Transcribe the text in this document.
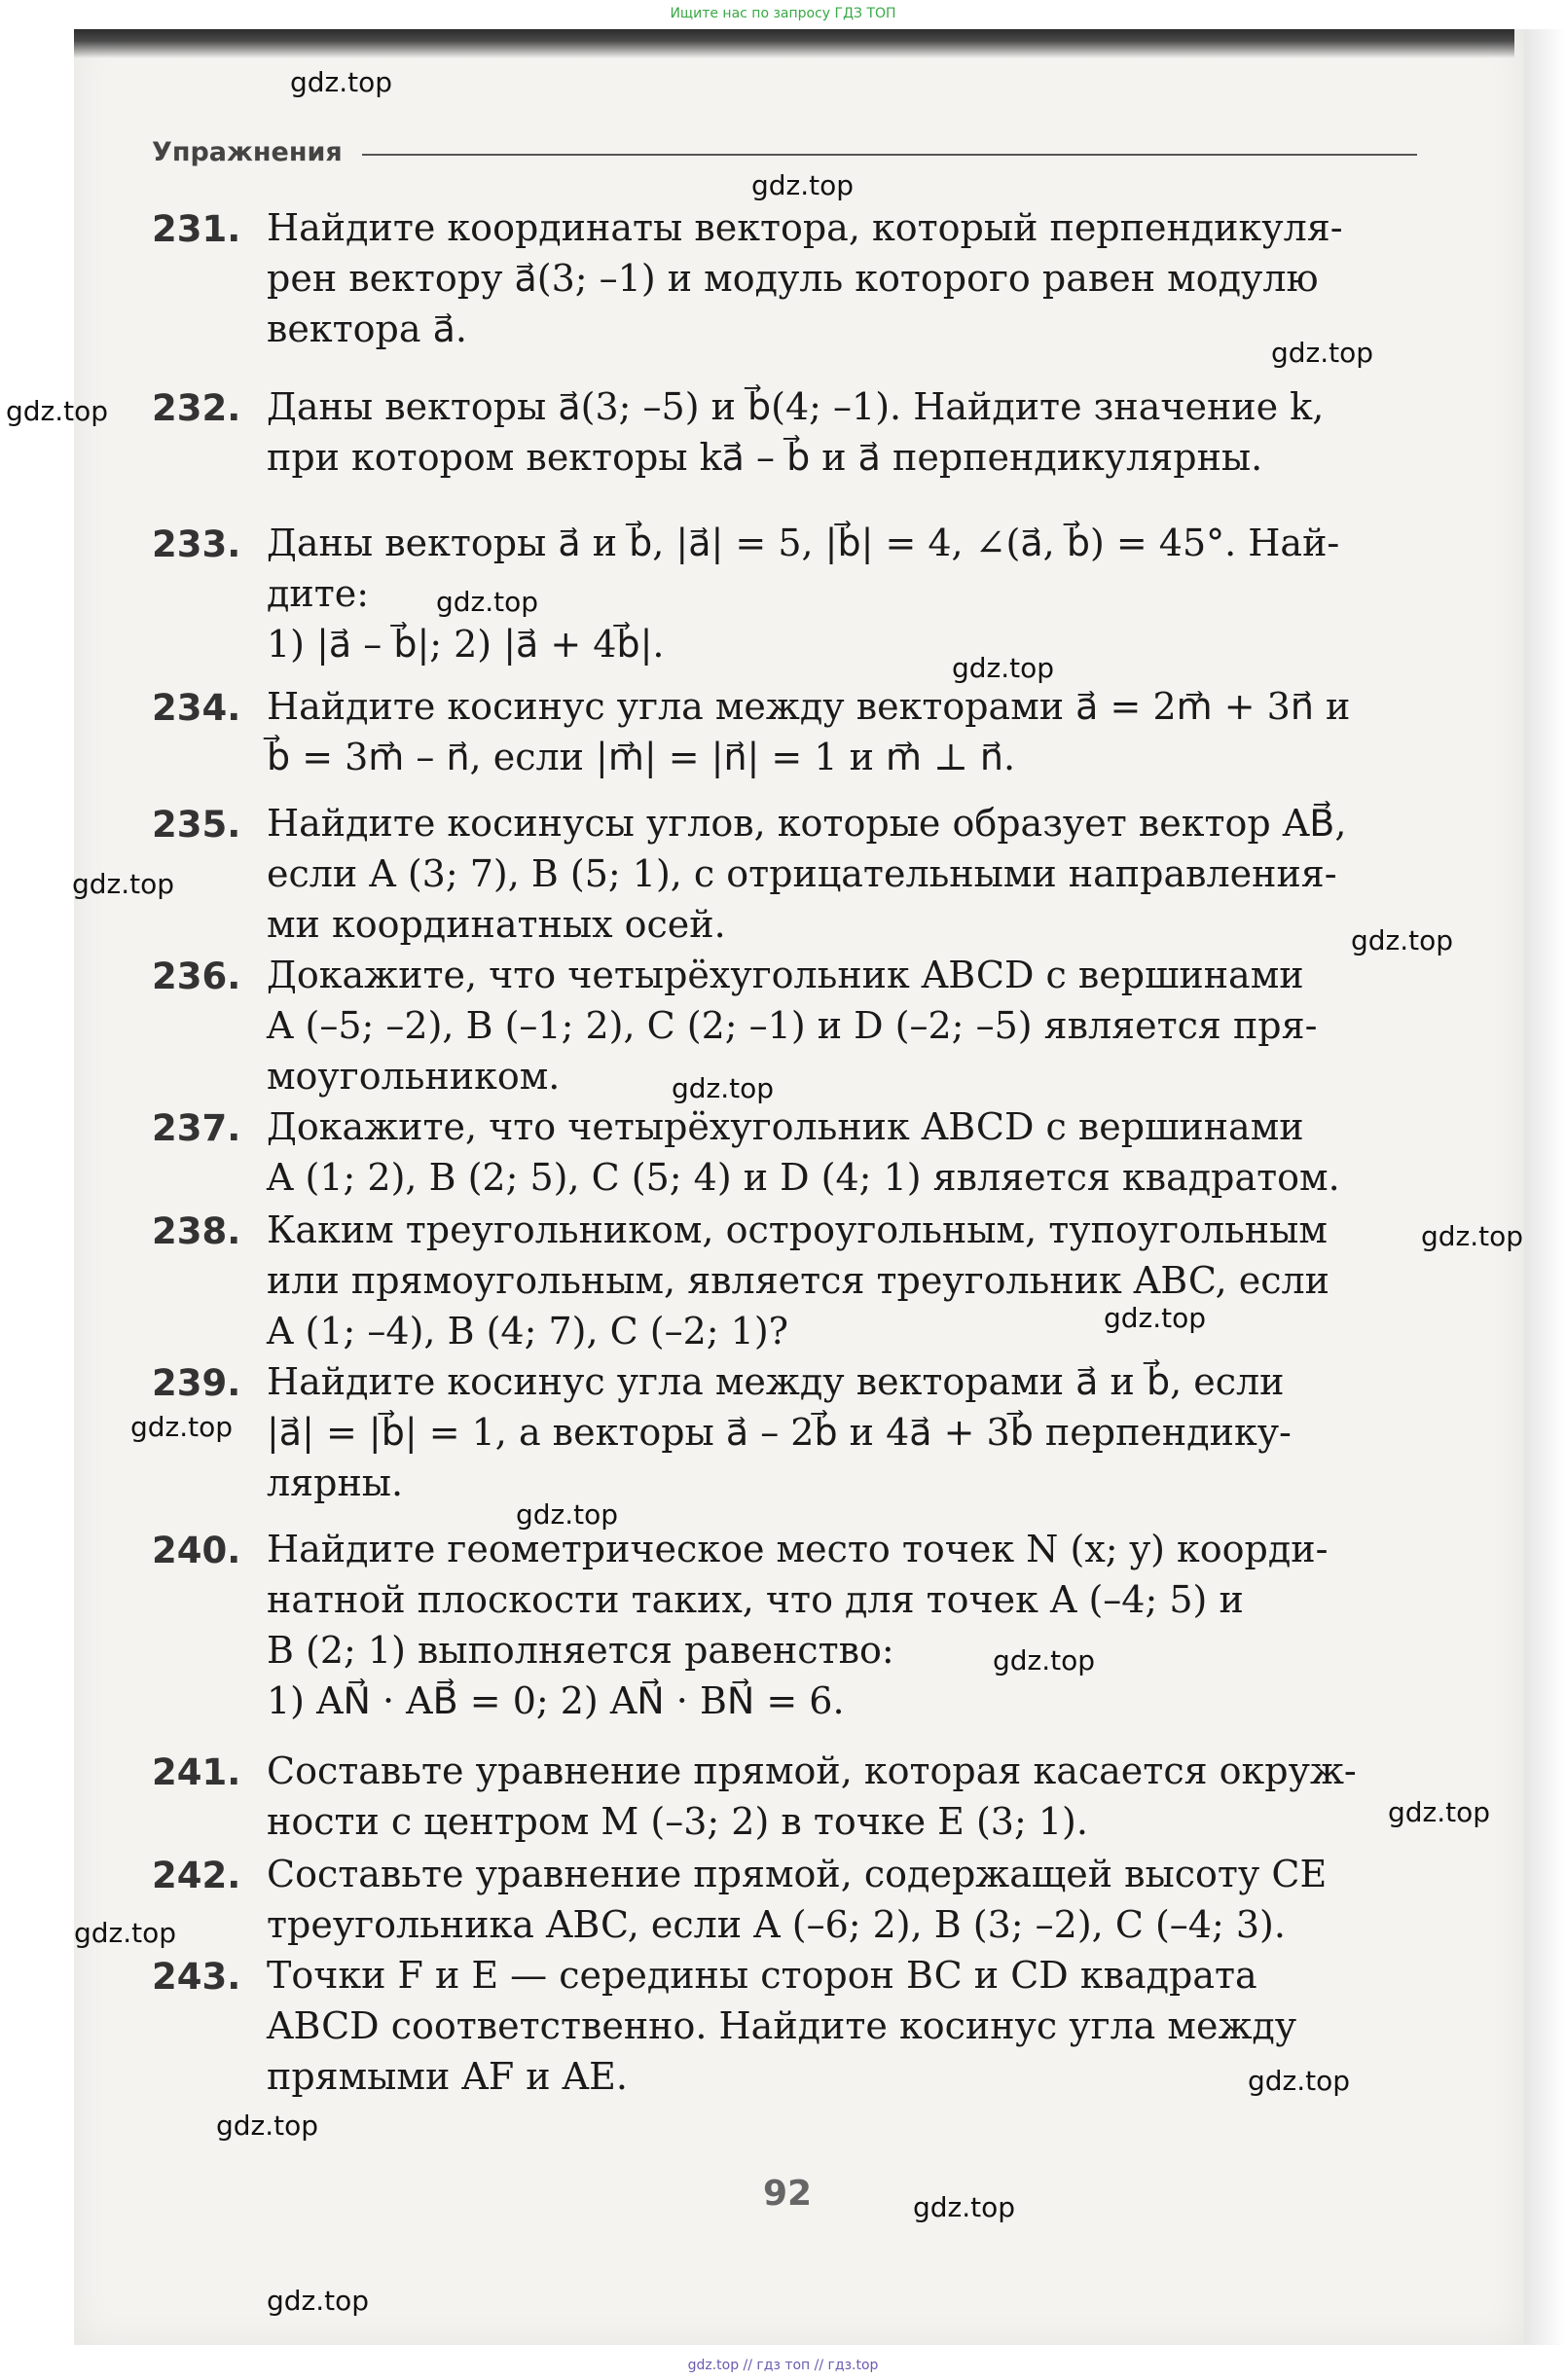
Ищите нас по запросу ГДЗ ТОП
Упражнения
231. Найдите координаты вектора, который перпендикуля-
рен вектору a⃗(3; –1) и модуль которого равен модулю
вектора a⃗.
232. Даны векторы a⃗(3; –5) и b⃗(4; –1). Найдите значение k,
при котором векторы ka⃗ – b⃗ и a⃗ перпендикулярны.
233. Даны векторы a⃗ и b⃗, |a⃗| = 5, |b⃗| = 4, ∠(a⃗, b⃗) = 45°. Най-
дите:
1) |a⃗ – b⃗|; 2) |a⃗ + 4b⃗|.
234. Найдите косинус угла между векторами a⃗ = 2m⃗ + 3n⃗ и
b⃗ = 3m⃗ – n⃗, если |m⃗| = |n⃗| = 1 и m⃗ ⊥ n⃗.
235. Найдите косинусы углов, которые образует вектор AB⃗,
если A (3; 7), B (5; 1), с отрицательными направления-
ми координатных осей.
236. Докажите, что четырёхугольник ABCD с вершинами
A (–5; –2), B (–1; 2), C (2; –1) и D (–2; –5) является пря-
моугольником.
237. Докажите, что четырёхугольник ABCD с вершинами
A (1; 2), B (2; 5), C (5; 4) и D (4; 1) является квадратом.
238. Каким треугольником, остроугольным, тупоугольным
или прямоугольным, является треугольник ABC, если
A (1; –4), B (4; 7), C (–2; 1)?
239. Найдите косинус угла между векторами a⃗ и b⃗, если
|a⃗| = |b⃗| = 1, а векторы a⃗ – 2b⃗ и 4a⃗ + 3b⃗ перпендику-
лярны.
240. Найдите геометрическое место точек N (x; y) коорди-
натной плоскости таких, что для точек A (–4; 5) и
B (2; 1) выполняется равенство:
1) AN⃗ · AB⃗ = 0; 2) AN⃗ · BN⃗ = 6.
241. Составьте уравнение прямой, которая касается окруж-
ности с центром M (–3; 2) в точке E (3; 1).
242. Составьте уравнение прямой, содержащей высоту CE
треугольника ABC, если A (–6; 2), B (3; –2), C (–4; 3).
243. Точки F и E — середины сторон BC и CD квадрата
ABCD соответственно. Найдите косинус угла между
прямыми AF и AE.
gdz.top
gdz.top
gdz.top
gdz.top
gdz.top
gdz.top
gdz.top
gdz.top
gdz.top
gdz.top
gdz.top
gdz.top
gdz.top
gdz.top
gdz.top
gdz.top
gdz.top
gdz.top
gdz.top
gdz.top
92
gdz.top // гдз топ // гдз.top
